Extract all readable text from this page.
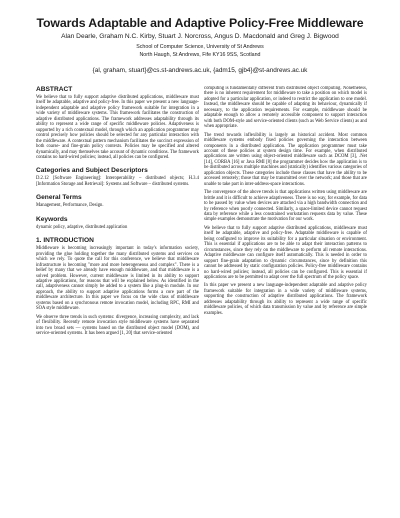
Towards Adaptable and Adaptive Policy-Free Middleware
Alan Dearle, Graham N.C. Kirby, Stuart J. Norcross, Angus D. Macdonald and Greg J. Bigwood
School of Computer Science, University of St Andrews
North Haugh, St Andrews, Fife KY16 9SS, Scotland
{al, graham, stuart}@cs.st-andrews.ac.uk, {adm15, gjb4}@st-andrews.ac.uk
ABSTRACT
We believe that to fully support adaptive distributed applications, middleware must itself be adaptable, adaptive and policy-free. In this paper we present a new language-independent adaptable and adaptive policy framework suitable for integration in a wide variety of middleware systems. This framework facilitates the construction of adaptive distributed applications. The framework addresses adaptability through its ability to represent a wide range of specific middleware policies. Adaptiveness is supported by a rich contextual model, through which an application programmer may control precisely how policies should be selected for any particular interaction with the middleware. A contextual pattern mechanism facilitates the succinct expression of both coarse- and fine-grain policy contexts. Policies may be specified and altered dynamically, and may themselves take account of dynamic conditions. The framework contains no hard-wired policies; instead, all policies can be configured.
Categories and Subject Descriptors
D.2.12 [Software Engineering]: Interoperability – distributed objects; H.3.4 [Information Storage and Retrieval]: Systems and Software – distributed systems.
General Terms
Management, Performance, Design.
Keywords
dynamic policy, adaptive, distributed application
1. INTRODUCTION
Middleware is becoming increasingly important in today's information society, providing the glue holding together the many distributed systems and services on which we rely. To quote the call for this conference, we believe that middleware infrastructure is becoming "more and more heterogeneous and complex". There is a belief by many that we already have enough middleware, and that middleware is a solved problem. However, current middleware is limited in its ability to support adaptive applications, for reasons that will be explained below. As identified in the call, adaptiveness cannot simply be added to a system like a plug-in module. In our approach, the ability to support adaptive applications forms a core part of the middleware architecture. In this paper we focus on the wide class of middleware systems based on a synchronous remote invocation model, including RPC, RMI and SOA style middleware.
We observe three trends in such systems: divergence, increasing complexity, and lack of flexibility. Recently remote invocation style middleware systems have separated into two broad sets — systems based on the distributed object model (DOM), and service-oriented systems. It has been argued [1, 20] that service-oriented
computing is fundamentally different from distributed object computing. Nonetheless, there is no inherent requirement for middleware to take a position on which model is adopted for a particular application, or indeed to restrict the application to one model. Instead, the middleware should be capable of adapting its behaviour, dynamically if necessary, to the application requirements. For example, middleware should be adaptable enough to allow a remotely accessible component to support interaction with both DOM-style and service-oriented clients (such as Web Service clients) as and when appropriate.
The trend towards inflexibility is largely an historical accident. Most common middleware systems embody fixed policies governing the interaction between components in a distributed application. The application programmer must take account of these policies at system design time. For example, when distributed applications are written using object-oriented middleware such as DCOM [3], .Net [14], CORBA [16] or Java RMI [8] the programmer decides how the application is to be distributed across multiple machines and (statically) identifies various categories of application objects. These categories include those classes that have the ability to be accessed remotely; those that may be transmitted over the network; and those that are unable to take part in inter-address-space interactions.
The convergence of the above trends is that applications written using middleware are brittle and it is difficult to achieve adaptiveness. There is no way, for example, for data to be passed by value when devices are attached via a high bandwidth connection and by reference when poorly connected. Similarly, a space-limited device cannot request data by reference while a less constrained workstation requests data by value. These simple examples demonstrate the motivation for our work.
We believe that to fully support adaptive distributed applications, middleware must itself be adaptable, adaptive and policy-free. Adaptable middleware is capable of being configured to improve its suitability for a particular situation or environment. This is essential if applications are to be able to adapt their interaction patterns to circumstances, since they rely on the middleware to perform all remote interactions. Adaptive middleware can configure itself automatically. This is needed in order to support fine-grain adaptation to dynamic circumstances, since by definition this cannot be addressed by static configuration policies. Policy-free middleware contains no hard-wired policies; instead, all policies can be configured. This is essential if applications are to be permitted to adapt over the full spectrum of the policy space.
In this paper we present a new language-independent adaptable and adaptive policy framework suitable for integration in a wide variety of middleware systems, supporting the construction of adaptive distributed applications. The framework addresses adaptability through its ability to represent a wide range of specific middleware policies, of which data transmission by value and by reference are simple examples.
